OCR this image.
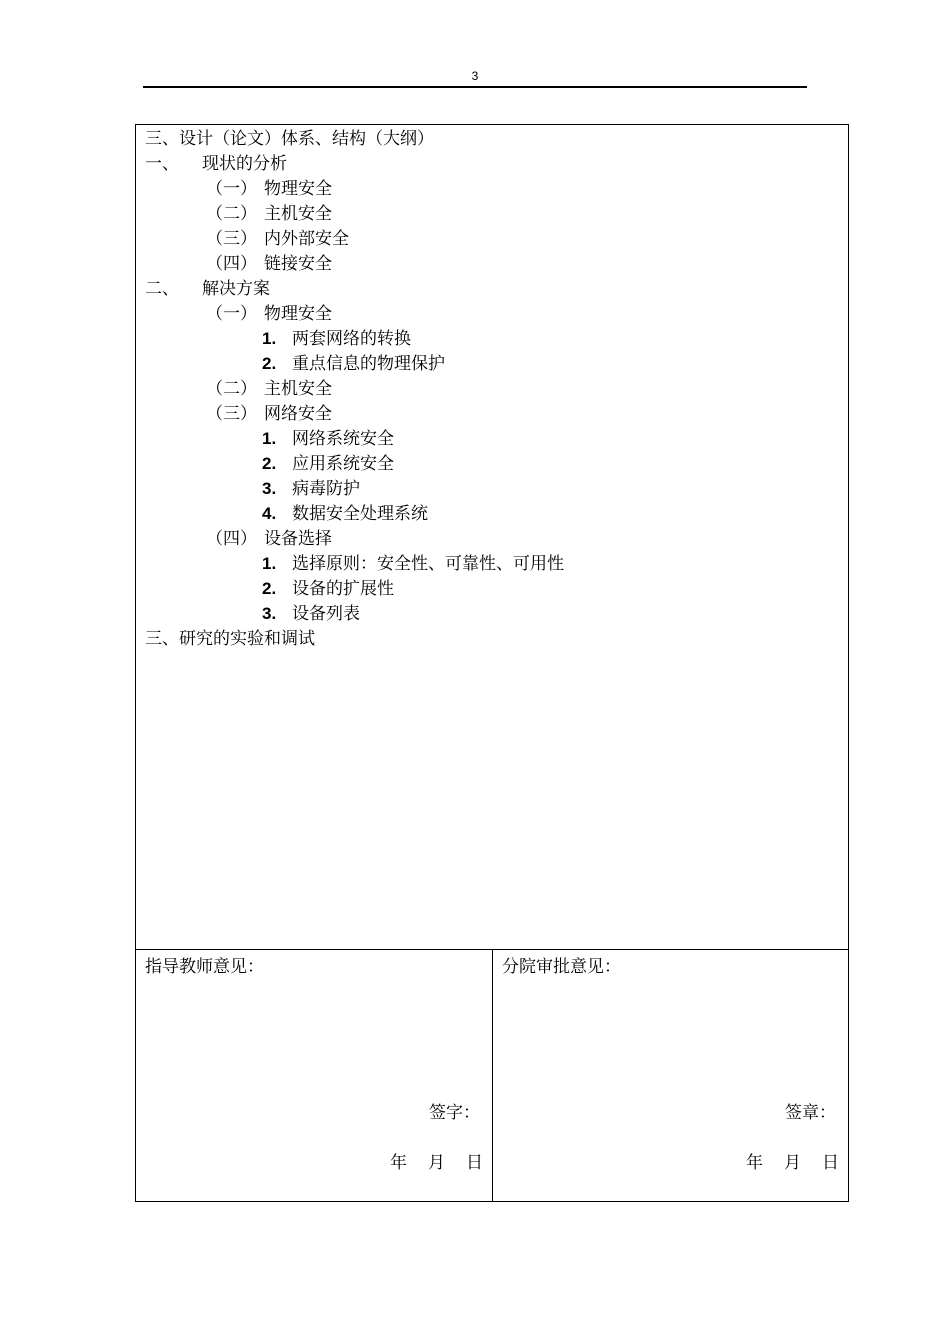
3
三、设计（论文）体系、结构（大纲）
一、 现状的分析
（一） 物理安全
（二） 主机安全
（三） 内外部安全
（四） 链接安全
二、 解决方案
（一） 物理安全
1. 两套网络的转换
2. 重点信息的物理保护
（二） 主机安全
（三） 网络安全
1. 网络系统安全
2. 应用系统安全
3. 病毒防护
4. 数据安全处理系统
（四） 设备选择
1. 选择原则：安全性、可靠性、可用性
2. 设备的扩展性
3. 设备列表
三、研究的实验和调试
指导教师意见：
签字：
年	月	日
分院审批意见：
签章：
年	月	日
